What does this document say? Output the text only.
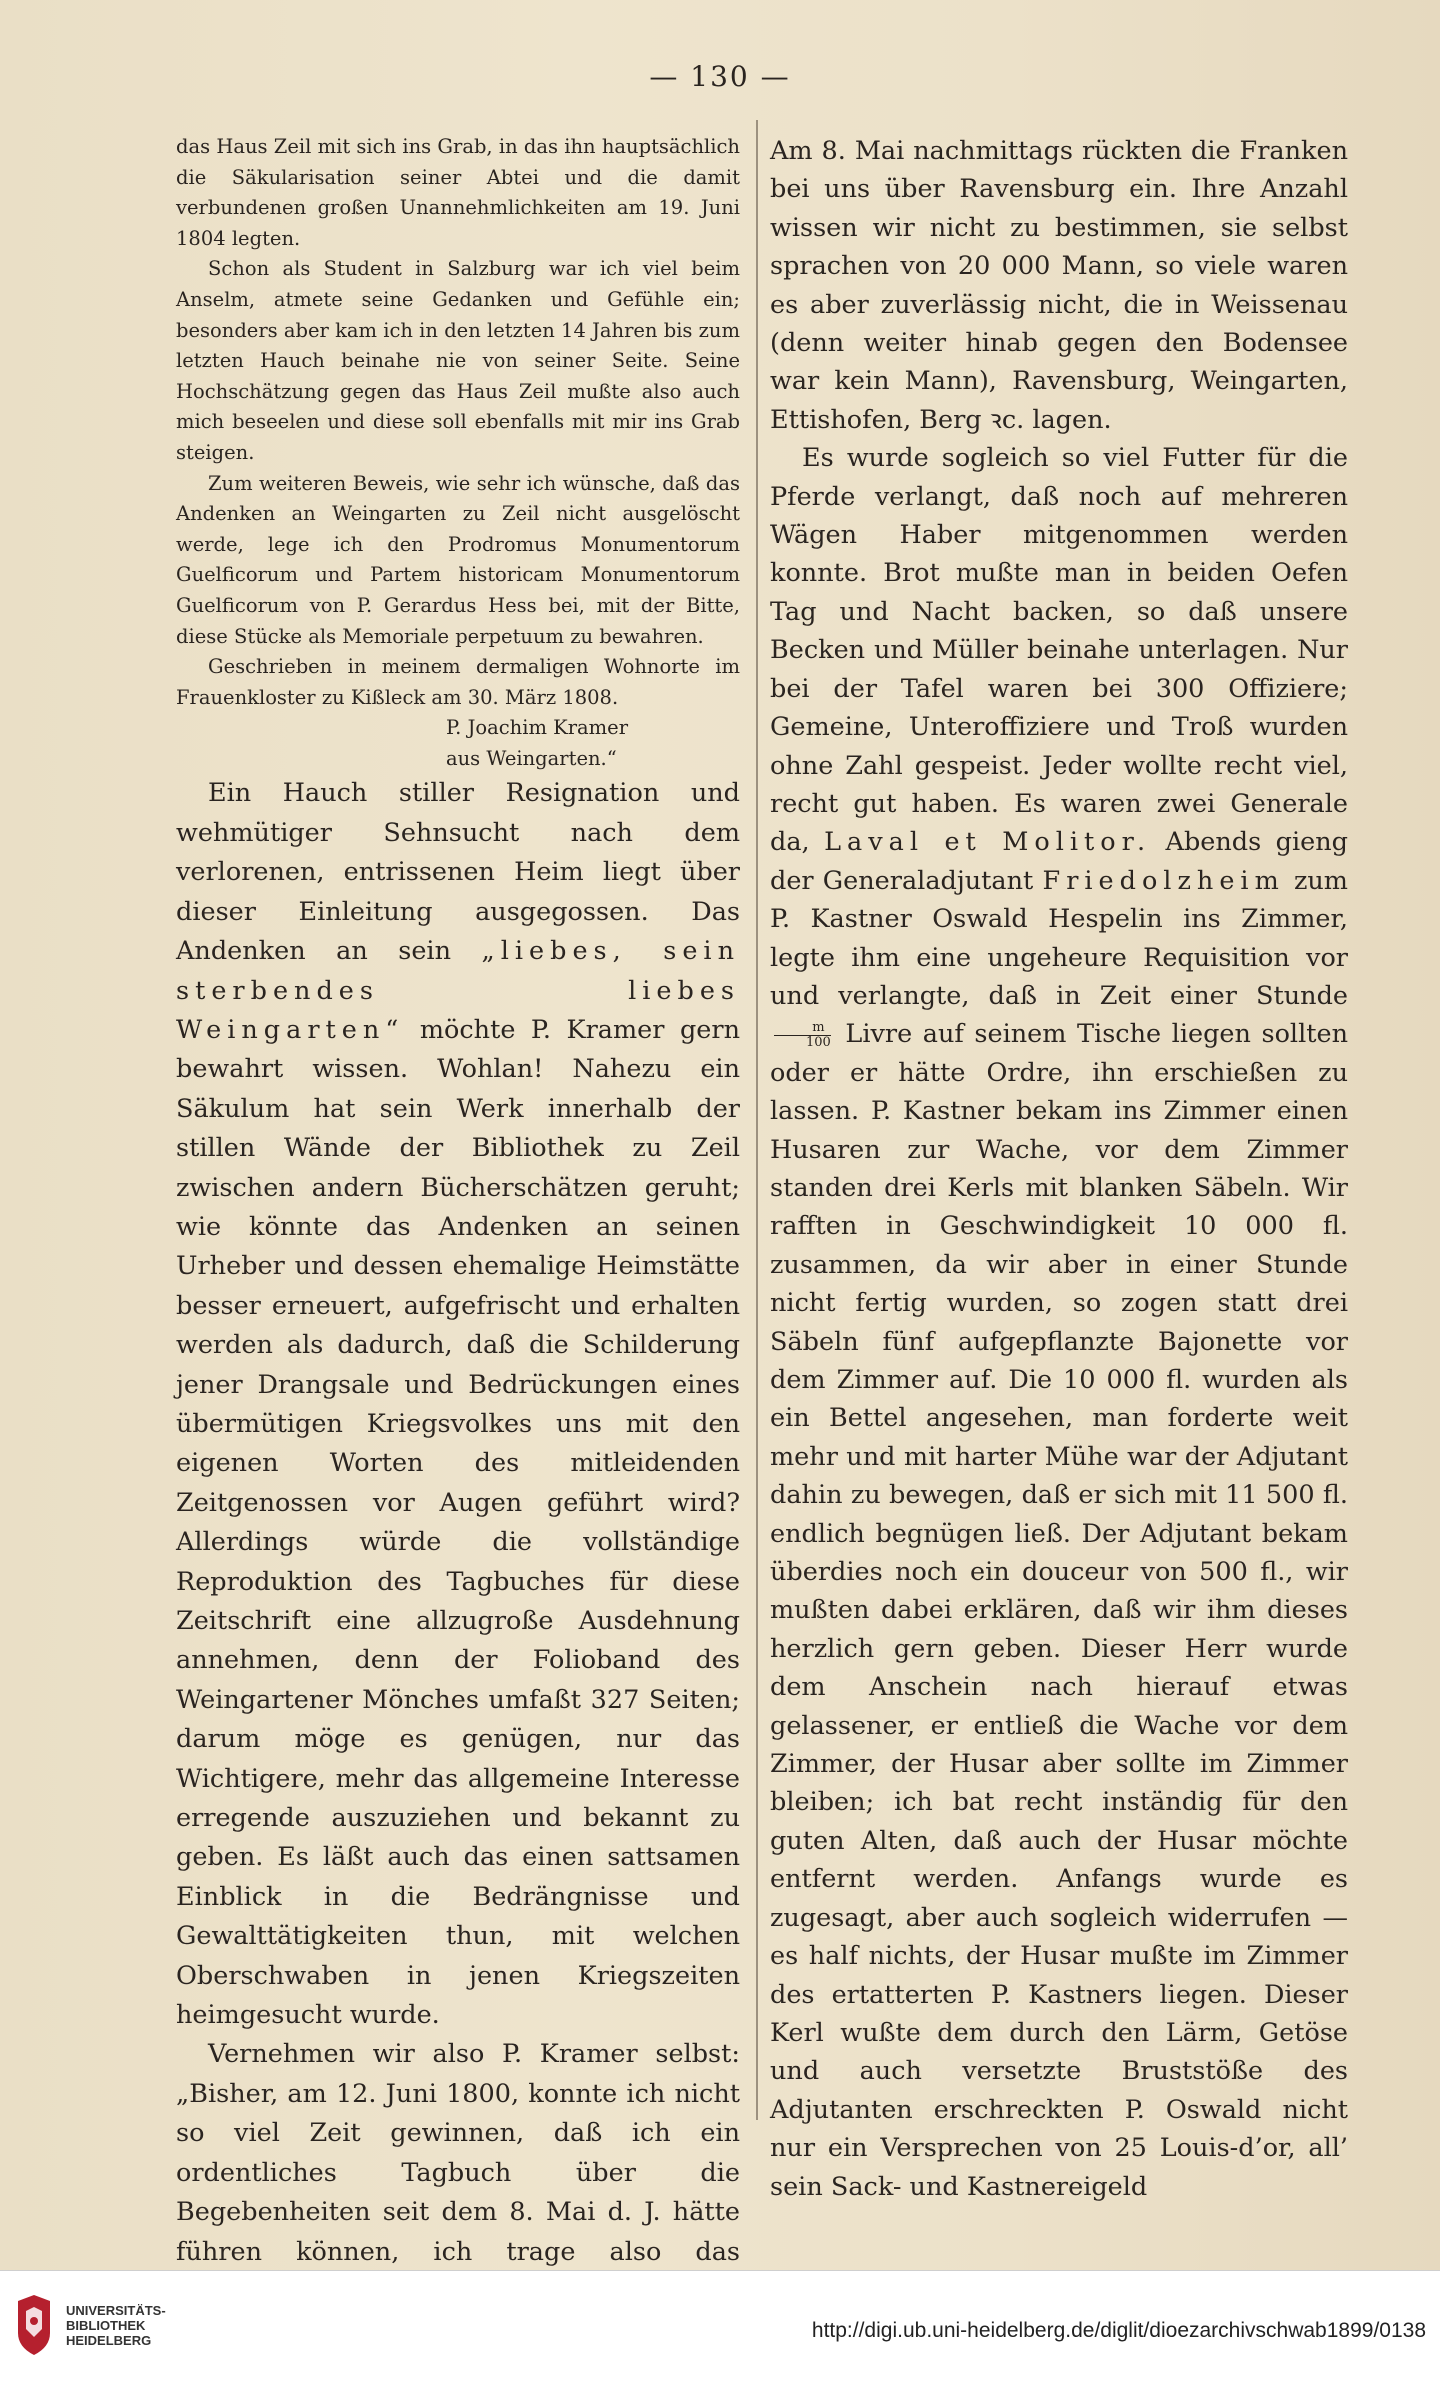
— 130 —

das Haus Zeil mit sich ins Grab, in das ihn hauptsächlich die Säkularisation seiner Abtei und die damit verbundenen großen Unannehmlichkeiten am 19. Juni 1804 legten.

Schon als Student in Salzburg war ich viel beim Anselm, atmete seine Gedanken und Gefühle ein; besonders aber kam ich in den letzten 14 Jahren bis zum letzten Hauch beinahe nie von seiner Seite. Seine Hochschätzung gegen das Haus Zeil mußte also auch mich beseelen und diese soll ebenfalls mit mir ins Grab steigen.

Zum weiteren Beweis, wie sehr ich wünsche, daß das Andenken an Weingarten zu Zeil nicht ausgelöscht werde, lege ich den Prodromus Monumentorum Guelficorum und Partem historicam Monumentorum Guelficorum von P. Gerardus Hess bei, mit der Bitte, diese Stücke als Memoriale perpetuum zu bewahren.

Geschrieben in meinem dermaligen Wohnorte im Frauenkloster zu Kißleck am 30. März 1808.

P. Joachim Kramer

aus Weingarten.“

Ein Hauch stiller Resignation und wehmütiger Sehnsucht nach dem verlorenen, entrissenen Heim liegt über dieser Einleitung ausgegossen. Das Andenken an sein „liebes, sein sterbendes liebes Weingarten“ möchte P. Kramer gern bewahrt wissen. Wohlan! Nahezu ein Säkulum hat sein Werk innerhalb der stillen Wände der Bibliothek zu Zeil zwischen andern Bücherschätzen geruht; wie könnte das Andenken an seinen Urheber und dessen ehemalige Heimstätte besser erneuert, aufgefrischt und erhalten werden als dadurch, daß die Schilderung jener Drangsale und Bedrückungen eines übermütigen Kriegsvolkes uns mit den eigenen Worten des mitleidenden Zeitgenossen vor Augen geführt wird? Allerdings würde die vollständige Reproduktion des Tagbuches für diese Zeitschrift eine allzugroße Ausdehnung annehmen, denn der Folioband des Weingartener Mönches umfaßt 327 Seiten; darum möge es genügen, nur das Wichtigere, mehr das allgemeine Interesse erregende auszuziehen und bekannt zu geben. Es läßt auch das einen sattsamen Einblick in die Bedrängnisse und Gewalttätigkeiten thun, mit welchen Oberschwaben in jenen Kriegszeiten heimgesucht wurde.

Vernehmen wir also P. Kramer selbst: „Bisher, am 12. Juni 1800, konnte ich nicht so viel Zeit gewinnen, daß ich ein ordentliches Tagbuch über die Begebenheiten seit dem 8. Mai d. J. hätte führen können, ich trage also das

Am 8. Mai nachmittags rückten die Franken bei uns über Ravensburg ein. Ihre Anzahl wissen wir nicht zu bestimmen, sie selbst sprachen von 20 000 Mann, so viele waren es aber zuverlässig nicht, die in Weissenau (denn weiter hinab gegen den Bodensee war kein Mann), Ravensburg, Weingarten, Ettishofen, Berg ꝛc. lagen.

Es wurde sogleich so viel Futter für die Pferde verlangt, daß noch auf mehreren Wägen Haber mitgenommen werden konnte. Brot mußte man in beiden Oefen Tag und Nacht backen, so daß unsere Becken und Müller beinahe unterlagen. Nur bei der Tafel waren bei 300 Offiziere; Gemeine, Unteroffiziere und Troß wurden ohne Zahl gespeist. Jeder wollte recht viel, recht gut haben. Es waren zwei Generale da, Laval et Molitor. Abends gieng der Generaladjutant Friedolzheim zum P. Kastner Oswald Hespelin ins Zimmer, legte ihm eine ungeheure Requisition vor und verlangte, daß in Zeit einer Stunde
$\frac{m}{100}$ Livre auf seinem Tische liegen sollten oder er hätte Ordre, ihn erschießen zu lassen. P. Kastner bekam ins Zimmer einen Husaren zur Wache, vor dem Zimmer standen drei Kerls mit blanken Säbeln. Wir rafften in Geschwindigkeit 10 000 fl. zusammen, da wir aber in einer Stunde nicht fertig wurden, so zogen statt drei Säbeln fünf aufgepflanzte Bajonette vor dem Zimmer auf. Die 10 000 fl. wurden als ein Bettel angesehen, man forderte weit mehr und mit harter Mühe war der Adjutant dahin zu bewegen, daß er sich mit 11 500 fl. endlich begnügen ließ. Der Adjutant bekam überdies noch ein douceur von 500 fl., wir mußten dabei erklären, daß wir ihm dieses herzlich gern geben. Dieser Herr wurde dem Anschein nach hierauf etwas gelassener, er entließ die Wache vor dem Zimmer, der Husar aber sollte im Zimmer bleiben; ich bat recht inständig für den guten Alten, daß auch der Husar möchte entfernt werden. Anfangs wurde es zugesagt, aber auch sogleich widerrufen — es half nichts, der Husar mußte im Zimmer des ertatterten P. Kastners liegen. Dieser Kerl wußte dem durch den Lärm, Getöse und auch versetzte Bruststöße des Adjutanten erschreckten P. Oswald nicht nur ein Versprechen von 25 Louis-d’or, all’ sein Sack- und Kastnereigeld

UNIVERSITÄTS-
BIBLIOTHEK
HEIDELBERG	http://digi.ub.uni-heidelberg.de/diglit/dioezarchivschwab1899/0138
